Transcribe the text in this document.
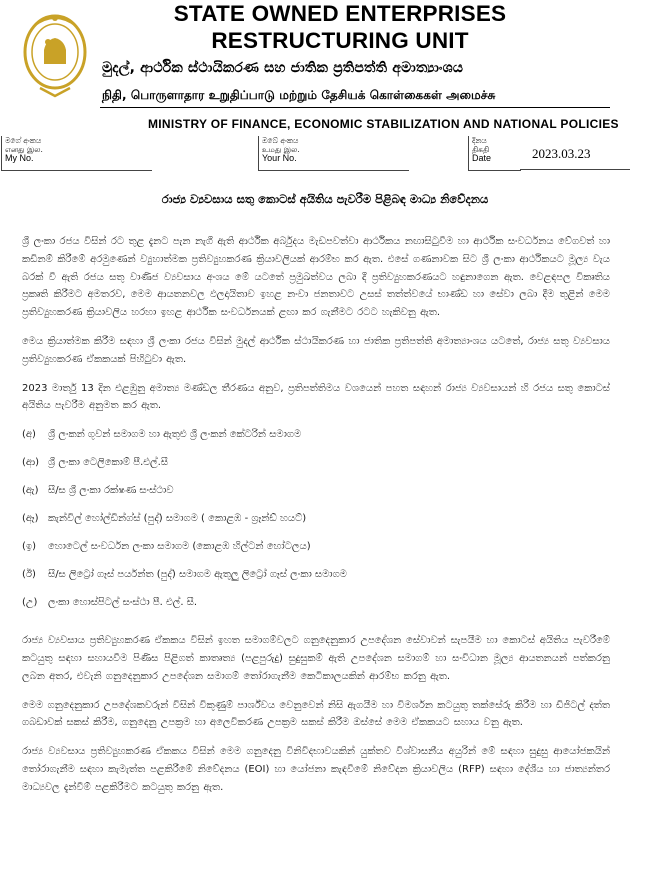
STATE OWNED ENTERPRISES
RESTRUCTURING UNIT
මුදල්, ආර්ථික ස්ථායිකරණ සහ ජාතික ප්‍රතිපත්ති අමාත්‍යාංශය
நிதி, பொருளாதார உறுதிப்பாடு மற்றும் தேசியக் கொள்கைகள் அமைச்சு
MINISTRY OF FINANCE, ECONOMIC STABILIZATION AND NATIONAL POLICIES
මගේ අංකය
எனது இல.
My No.
ඔබේ අංකය
உமது இல.
Your No.
දිනය
திகதி
Date	2023.03.23
රාජ්‍ය ව්‍යවසාය සතු කොටස් අයිතිය පැවරීම පිළිබඳ මාධ්‍ය නිවේදනය

ශ්‍රී ලංකා රජය විසින් රට තුළ දැනට පැන නැගී ඇති ආර්ථික අර්බුදය මැඩපවත්වා ආර්ථිකය නඟාසිටුවීම හා ආර්ථික සංවර්ධනය වේගවත් හා කඩිනම් කිරීමේ අරමුණෙන් ව්‍යුහාත්මක ප්‍රතිව්‍යුහකරණ ක්‍රියාවලියක් ආරම්භ කර ඇත. එසේ ගණනාවක සිට ශ්‍රී ලංකා ආර්ථිකයට මූල්‍ය වැය බරක් වී ඇති රජය සතු වාණිජ ව්‍යවසාය අංශය මේ යටතේ ප්‍රමුඛත්වය ලබා දී ප්‍රතිව්‍යුහකරණයට හඳුනාගෙන ඇත. වෙළඳපල විකෘතිය ප්‍රකෘති කිරීමට අමතරව, මෙම ආයතනවල ඵලදායිතාව ඉහළ නංවා ජනතාවට උසස් තත්ත්වයේ භාණ්ඩ හා සේවා ලබා දීම තුළින් මෙම ප්‍රතිව්‍යුහකරණ ක්‍රියාවලිය හරහා ඉහළ ආර්ථික සංවර්ධනයක් ළඟා කර ගැනීමට රටට හැකිවනු ඇත.

මෙය ක්‍රියාත්මක කිරීම සඳහා ශ්‍රී ලංකා රජය විසින් මුදල් ආර්ථික ස්ථායිකරණ හා ජාතික ප්‍රතිපත්ති අමාත්‍යාංශය යටතේ, රාජ්‍ය සතු ව්‍යවසාය ප්‍රතිව්‍යුහකරණ ඒකකයක් පිහිටුවා ඇත.

2023 මාර්තු 13 දින එළඹුනු අමාත්‍ය මණ්ඩල තීරණය අනුව, ප්‍රතිපත්තිමය වශයෙන් පහත සඳහන් රාජ්‍ය ව්‍යවසායන් හි රජය සතු කොටස් අයිතිය පැවරීම අනුමත කර ඇත.

(අ) ශ්‍රී ලංකන් ගුවන් සමාගම හා ඇතුළු ශ්‍රී ලංකන් කේටරින් සමාගම
(ආ) ශ්‍රී ලංකා ටෙලිකොම් පී.එල්.සී
(ඇ) සී/ස ශ්‍රී ලංකා රක්ෂණ සංස්ථාව
(ඈ) කැන්විල් හෝල්ඩින්ග්ස් (පුද්) සමාගම ( කොළඹ - ග්‍රෑන්ඩ් හයට්)
(ඉ) හොටෙල් සංවර්ධන ලංකා සමාගම (කොළඹ හිල්ටන් හෝටලය)
(ඊ) සී/ස ලිට්‍රෝ ගෑස් පර්යන්ත (පුද්) සමාගම ඇතුලු ලිට්‍රෝ ගෑස් ලංකා සමාගම
(උ) ලංකා හොස්පිටල් සංස්ථා පී. එල්. සී.

රාජ්‍ය ව්‍යවසාය ප්‍රතිව්‍යුහකරණ ඒකකය විසින් ඉහත සමාගම්වලට ගනුදෙනුකාර උපදේශන සේවාවන් සැපයීම හා කොටස් අයිතිය පැවරීමේ කටයුතු සඳහා සහායවීම පිණිස පිළිගත් කාතෘත්‍ය (පළපුරුදු) සුදුසුකම් ඇති උපදේශන සමාගම් හා සංවිධාන මූල්‍ය ආයතනයන් පත්කරනු ලබන අතර, එවැනි ගනුදෙනුකාර උපදේශන සමාගම් තෝරාගැනීම කෙටිකාලයකින් ආරම්භ කරනු ඇත.

මෙම ගනුදෙනුකාර උපදේශකවරුන් විසින් විකුණුම් පාර්ශ්වය වෙනුවෙන් නිසි ඇගයීම හා විමර්ශන කටයුතු තක්සේරු කිරීම හා ඩිජිටල් දත්ත ගබඩාවක් සකස් කිරීම, ගනුදෙනු උපක්‍රම හා අලෙවිකරණ උපක්‍රම සකස් කිරීම ඔස්සේ මෙම ඒකකයට සහාය වනු ඇත.

රාජ්‍ය ව්‍යවසාය ප්‍රතිව්‍යුහකරණ ඒකකය විසින් මෙම ගනුදෙනු විනිවිදභාවයකින් යුක්තව විශ්වාසනීය අයුරින් මේ සඳහා සුදුසු ආයෝජකයින් තෝරාගැනීම සඳහා කැමැත්ත පළකිරීමේ නිවේදනය (EOI) හා යෝජනා කැඳවීමේ නිවේදන ක්‍රියාවලිය (RFP) සඳහා දේශීය හා ජාත්‍යන්තර මාධ්‍යවල දැන්වීම් පළකිරීමට කටයුතු කරනු ඇත.
